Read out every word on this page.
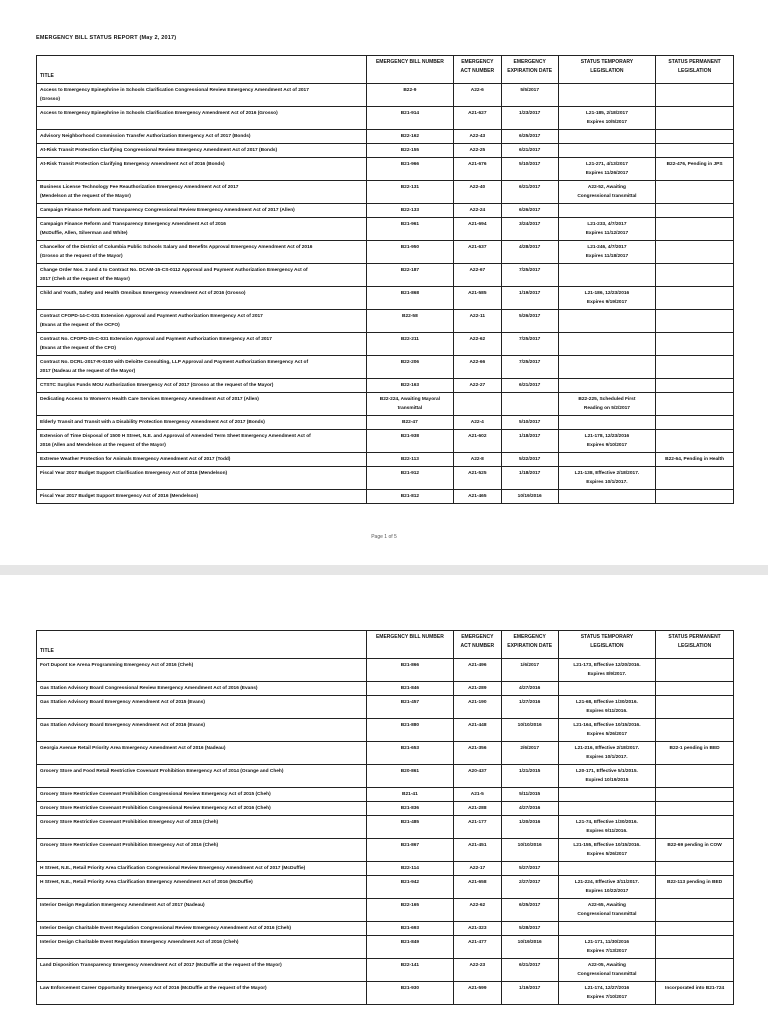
EMERGENCY BILL STATUS REPORT (May 2, 2017)
TITLE	EMERGENCY BILL NUMBER	EMERGENCY
ACT NUMBER	EMERGENCY
EXPIRATION DATE	STATUS TEMPORARY
LEGISLATION	STATUS PERMANENT
LEGISLATION

Access to Emergency Epinephrine in Schools Clarification Congressional Review Emergency Amendment Act of 2017
(Grosso)	B22-9	A22-6	5/5/2017		

Access to Emergency Epinephrine in Schools Clarification Emergency Amendment Act of 2016 (Grosso)	B21-914	A21-627	1/23/2017	L21-185, 2/18/2017
Expires 10/5/2017	

Advisory Neighborhood Commission Transfer Authorization Emergency Act of 2017 (Bonds)	B22-162	A22-43	6/25/2017		

At-Risk Transit Protection Clarifying Congressional Review Emergency Amendment Act of 2017 (Bonds)	B22-155	A22-25	6/21/2017		

At-Risk Transit Protection Clarifying Emergency Amendment Act of 2016 (Bonds)	B21-966	A21-676	5/10/2017	L21-271, 4/13/2017
Expires 11/26/2017	B22-476, Pending in JPS

Business License Technology Fee Reauthorization Emergency Amendment Act of 2017
(Mendelson at the request of the Mayor)	B22-131	A22-40	6/21/2017	A22-52, Awaiting
Congressional transmittal	

Campaign Finance Reform and Transparency Congressional Review Emergency Amendment Act of 2017 (Allen)	B22-133	A22-24	6/26/2017		

Campaign Finance Reform and Transparency Emergency Amendment Act of 2016
(McDuffie, Allen, Silverman and White)	B21-961	A21-694	3/24/2017	L21-233, 4/7/2017
Expires 11/12/2017	

Chancellor of the District of Columbia Public Schools Salary and Benefits Approval Emergency Amendment Act of 2016
(Grosso at the request of the Mayor)	B21-950	A21-637	4/28/2017	L21-246, 4/7/2017
Expires 11/18/2017	

Change Order Nos. 3 and 4 to Contract No. DCAM-15-CS-0112 Approval and Payment Authorization Emergency Act of
2017 (Cheh at the request of the Mayor)	B22-187	A22-67	7/25/2017		

Child and Youth, Safety and Health Omnibus Emergency Amendment Act of 2016 (Grosso)	B21-868	A21-585	1/19/2017	L21-186, 12/23/2016
Expires 9/19/2017	

Contract CFOPD-14-C-031 Extension Approval and Payment Authorization Emergency Act of 2017
(Evans at the request of the OCFO)	B22-58	A22-11	5/26/2017		

Contract No. CFOPD-15-C-031 Extension Approval and Payment Authorization Emergency Act of 2017
(Evans at the request of the CFO)	B22-211	A22-62	7/25/2017		

Contract No. DCRL-2017-R-0100 with Deloitte Consulting, LLP Approval and Payment Authorization Emergency Act of
2017 (Nadeau at the request of the Mayor)	B22-206	A22-66	7/25/2017		

CTSTC Surplus Funds MOU Authorization Emergency Act of 2017 (Grosso at the request of the Mayor)	B22-163	A22-27	6/21/2017		

Dedicating Access to Women's Health Care Services Emergency Amendment Act of 2017 (Allen)	B22-224, Awaiting Mayoral
transmittal			B22-225, Scheduled First
Reading on 5/2/2017	

Elderly Transit and Transit with a Disability Protection Emergency Amendment Act of 2017 (Bonds)	B22-47	A22-4	5/10/2017		

Extension of Time Disposal of 1500 H Street, N.E. and Approval of Amended Term Sheet Emergency Amendment Act of
2016 (Allen and Mendelson at the request of the Mayor)	B21-938	A21-602	1/18/2017	L21-178, 12/23/2016
Expires 9/10/2017	

Extreme Weather Protection for Animals Emergency Amendment Act of 2017 (Todd)	B22-113	A22-8	5/22/2017		B22-64, Pending in Health

Fiscal Year 2017 Budget Support Clarification Emergency Act of 2016 (Mendelson)	B21-912	A21-525	1/18/2017	L21-138, Effective 2/18/2017.
Expires 10/1/2017.	

Fiscal Year 2017 Budget Support Emergency Act of 2016 (Mendelson)	B21-812	A21-465	10/19/2016		

Page 1 of 5
TITLE	EMERGENCY BILL NUMBER	EMERGENCY
ACT NUMBER	EMERGENCY
EXPIRATION DATE	STATUS TEMPORARY
LEGISLATION	STATUS PERMANENT
LEGISLATION

Fort Dupont Ice Arena Programming Emergency Act of 2016 (Cheh)	B21-866	A21-496	1/6/2017	L21-173, Effective 12/20/2016.
Expires 8/9/2017.	

Gas Station Advisory Board Congressional Review Emergency Amendment Act of 2016 (Evans)	B21-846	A21-289	4/27/2016		

Gas Station Advisory Board Emergency Amendment Act of 2015 (Evans)	B21-457	A21-190	1/27/2016	L21-68, Effective 1/30/2016.
Expires 9/11/2016.	

Gas Station Advisory Board Emergency Amendment Act of 2016 (Evans)	B21-880	A21-448	10/10/2016	L21-164, Effective 10/15/2016.
Expires 5/26/2017	

Georgia Avenue Retail Priority Area Emergency Amendment Act of 2016 (Nadeau)	B21-653	A21-356	2/6/2017	L21-216, Effective 2/18/2017.
Expires 10/1/2017.	B22-1 pending in BED

Grocery Store and Food Retail Restrictive Covenant Prohibition Emergency Act of 2014 (Orange and Cheh)	B20-861	A20-437	1/21/2015	L20-171, Effective 5/1/2015.
Expired 10/19/2015	

Grocery Store Restrictive Covenant Prohibition Congressional Review Emergency Act of 2015 (Cheh)	B21-41	A21-5	5/11/2015		

Grocery Store Restrictive Covenant Prohibition Congressional Review Emergency Act of 2016 (Cheh)	B21-836	A21-288	4/27/2016		

Grocery Store Restrictive Covenant Prohibition Emergency Act of 2015 (Cheh)	B21-485	A21-177	1/20/2016	L21-74, Effective 1/30/2016.
Expires 9/11/2016.	

Grocery Store Restrictive Covenant Prohibition Emergency Act of 2016 (Cheh)	B21-867	A21-451	10/10/2016	L21-155, Effective 10/15/2016.
Expires 5/26/2017	B22-69 pending in COW

H Street, N.E., Retail Priority Area Clarification Congressional Review Emergency Amendment Act of 2017 (McDuffie)	B22-114	A22-17	5/27/2017		

H Street, N.E., Retail Priority Area Clarification Emergency Amendment Act of 2016 (McDuffie)	B21-942	A21-658	2/27/2017	L21-224, Effective 3/11/2017.
Expires 10/22/2017	B22-113 pending in BED

Interior Design Regulation Emergency Amendment Act of 2017 (Nadeau)	B22-165	A22-62	6/25/2017	A22-65, Awaiting
Congressional transmittal	

Interior Design Charitable Event Regulation Congressional Review Emergency Amendment Act of 2016 (Cheh)	B21-693	A21-323	5/28/2017		

Interior Design Charitable Event Regulation Emergency Amendment Act of 2016 (Cheh)	B21-849	A21-477	10/19/2016	L21-171, 11/30/2016
Expires 7/13/2017	

Land Disposition Transparency Emergency Amendment Act of 2017 (McDuffie at the request of the Mayor)	B22-141	A22-23	6/21/2017	A22-05, Awaiting
Congressional transmittal	

Law Enforcement Career Opportunity Emergency Act of 2016 (McDuffie at the request of the Mayor)	B21-930	A21-599	1/19/2017	L21-174, 12/27/2016
Expires 7/10/2017	Incorporated into B21-724
